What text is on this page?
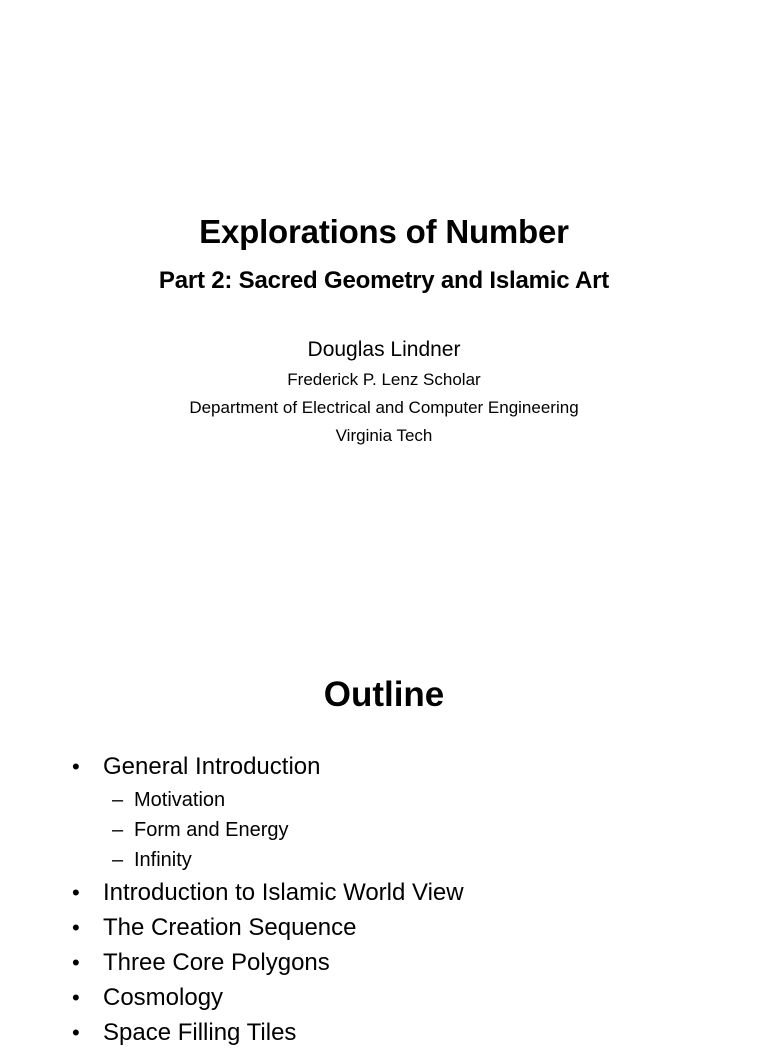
Explorations of Number
Part 2: Sacred Geometry and Islamic Art
Douglas Lindner
Frederick P. Lenz Scholar
Department of Electrical and Computer Engineering
Virginia Tech
Outline
• General Introduction
– Motivation
– Form and Energy
– Infinity
• Introduction to Islamic World View
• The Creation Sequence
• Three Core Polygons
• Cosmology
• Space Filling Tiles
